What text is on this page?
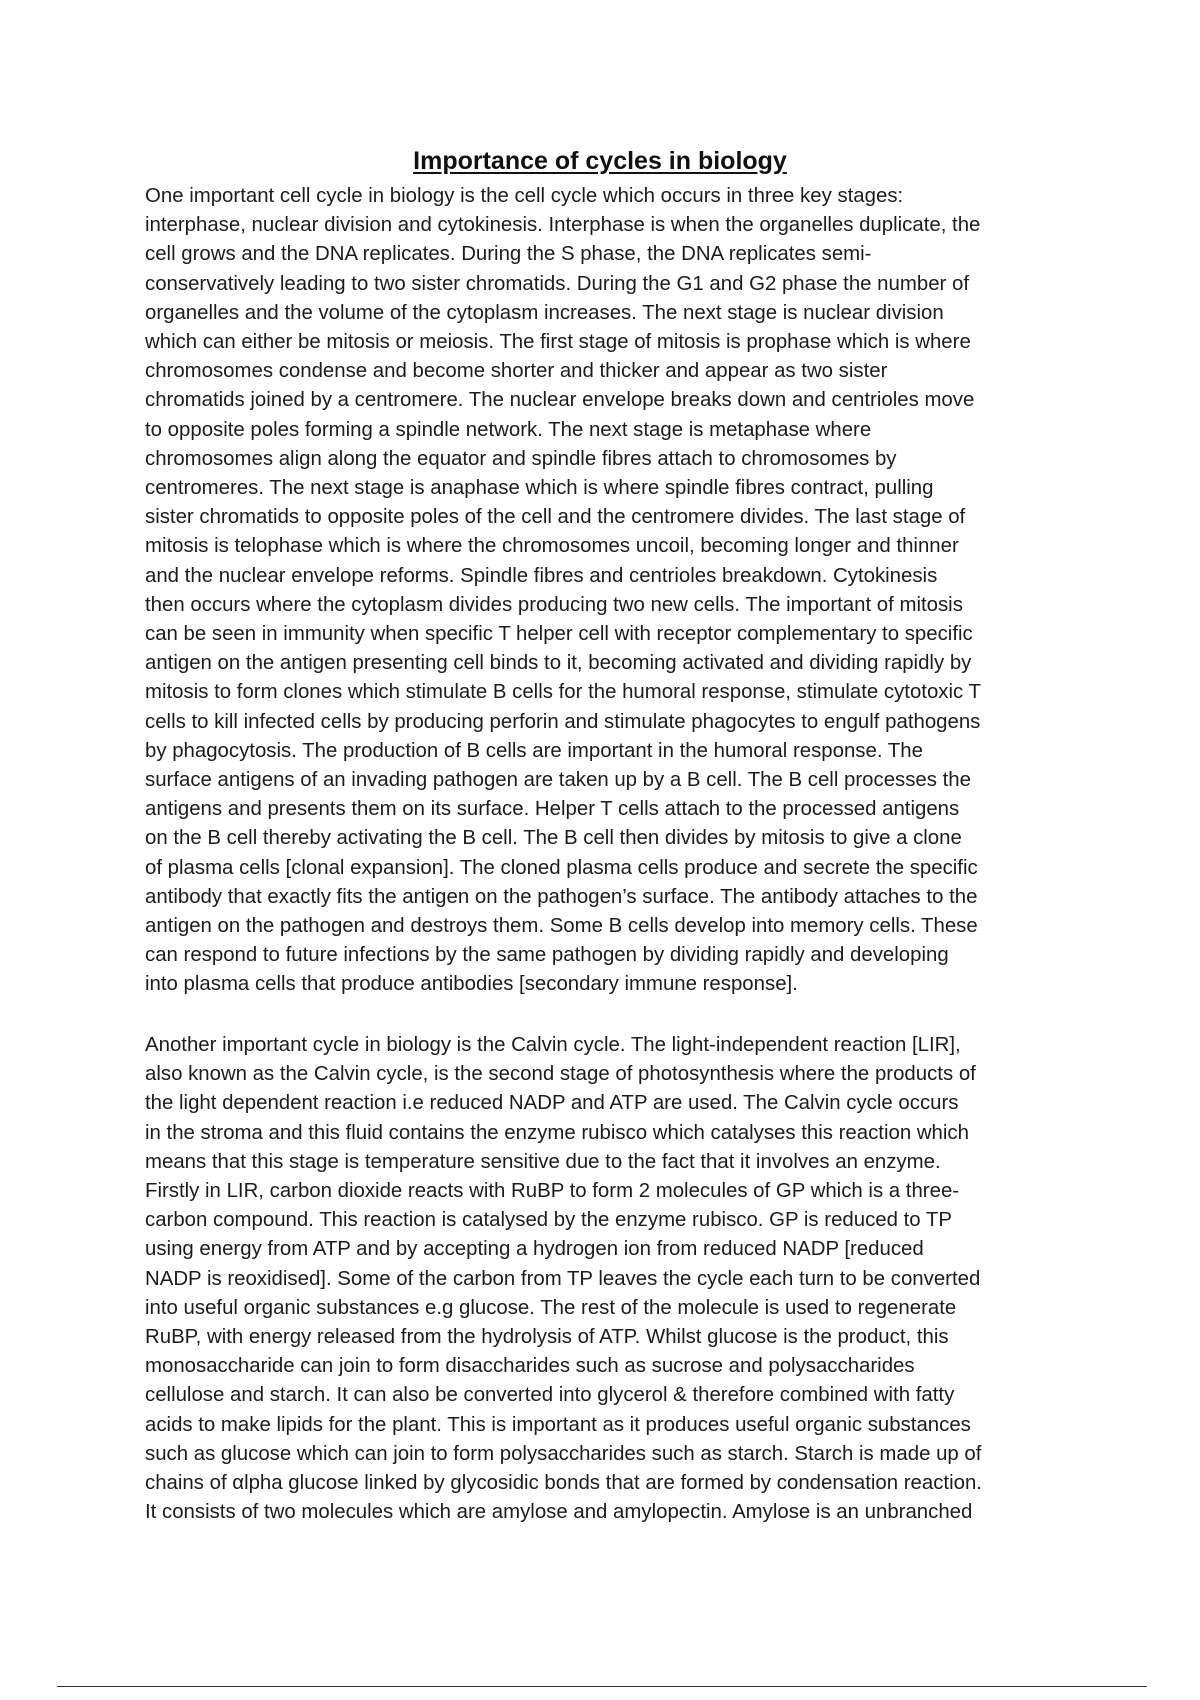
Importance of cycles in biology

One important cell cycle in biology is the cell cycle which occurs in three key stages:
interphase, nuclear division and cytokinesis. Interphase is when the organelles duplicate, the
cell grows and the DNA replicates. During the S phase, the DNA replicates semi-
conservatively leading to two sister chromatids. During the G1 and G2 phase the number of
organelles and the volume of the cytoplasm increases. The next stage is nuclear division
which can either be mitosis or meiosis. The first stage of mitosis is prophase which is where
chromosomes condense and become shorter and thicker and appear as two sister
chromatids joined by a centromere. The nuclear envelope breaks down and centrioles move
to opposite poles forming a spindle network. The next stage is metaphase where
chromosomes align along the equator and spindle fibres attach to chromosomes by
centromeres. The next stage is anaphase which is where spindle fibres contract, pulling
sister chromatids to opposite poles of the cell and the centromere divides. The last stage of
mitosis is telophase which is where the chromosomes uncoil, becoming longer and thinner
and the nuclear envelope reforms. Spindle fibres and centrioles breakdown. Cytokinesis
then occurs where the cytoplasm divides producing two new cells. The important of mitosis
can be seen in immunity when specific T helper cell with receptor complementary to specific
antigen on the antigen presenting cell binds to it, becoming activated and dividing rapidly by
mitosis to form clones which stimulate B cells for the humoral response, stimulate cytotoxic T
cells to kill infected cells by producing perforin and stimulate phagocytes to engulf pathogens
by phagocytosis. The production of B cells are important in the humoral response. The
surface antigens of an invading pathogen are taken up by a B cell. The B cell processes the
antigens and presents them on its surface. Helper T cells attach to the processed antigens
on the B cell thereby activating the B cell. The B cell then divides by mitosis to give a clone
of plasma cells [clonal expansion]. The cloned plasma cells produce and secrete the specific
antibody that exactly fits the antigen on the pathogen’s surface. The antibody attaches to the
antigen on the pathogen and destroys them. Some B cells develop into memory cells. These
can respond to future infections by the same pathogen by dividing rapidly and developing
into plasma cells that produce antibodies [secondary immune response].

Another important cycle in biology is the Calvin cycle. The light-independent reaction [LIR],
also known as the Calvin cycle, is the second stage of photosynthesis where the products of
the light dependent reaction i.e reduced NADP and ATP are used. The Calvin cycle occurs
in the stroma and this fluid contains the enzyme rubisco which catalyses this reaction which
means that this stage is temperature sensitive due to the fact that it involves an enzyme.
Firstly in LIR, carbon dioxide reacts with RuBP to form 2 molecules of GP which is a three-
carbon compound. This reaction is catalysed by the enzyme rubisco. GP is reduced to TP
using energy from ATP and by accepting a hydrogen ion from reduced NADP [reduced
NADP is reoxidised]. Some of the carbon from TP leaves the cycle each turn to be converted
into useful organic substances e.g glucose. The rest of the molecule is used to regenerate
RuBP, with energy released from the hydrolysis of ATP. Whilst glucose is the product, this
monosaccharide can join to form disaccharides such as sucrose and polysaccharides
cellulose and starch. It can also be converted into glycerol & therefore combined with fatty
acids to make lipids for the plant. This is important as it produces useful organic substances
such as glucose which can join to form polysaccharides such as starch. Starch is made up of
chains of αlpha glucose linked by glycosidic bonds that are formed by condensation reaction.
It consists of two molecules which are amylose and amylopectin. Amylose is an unbranched
